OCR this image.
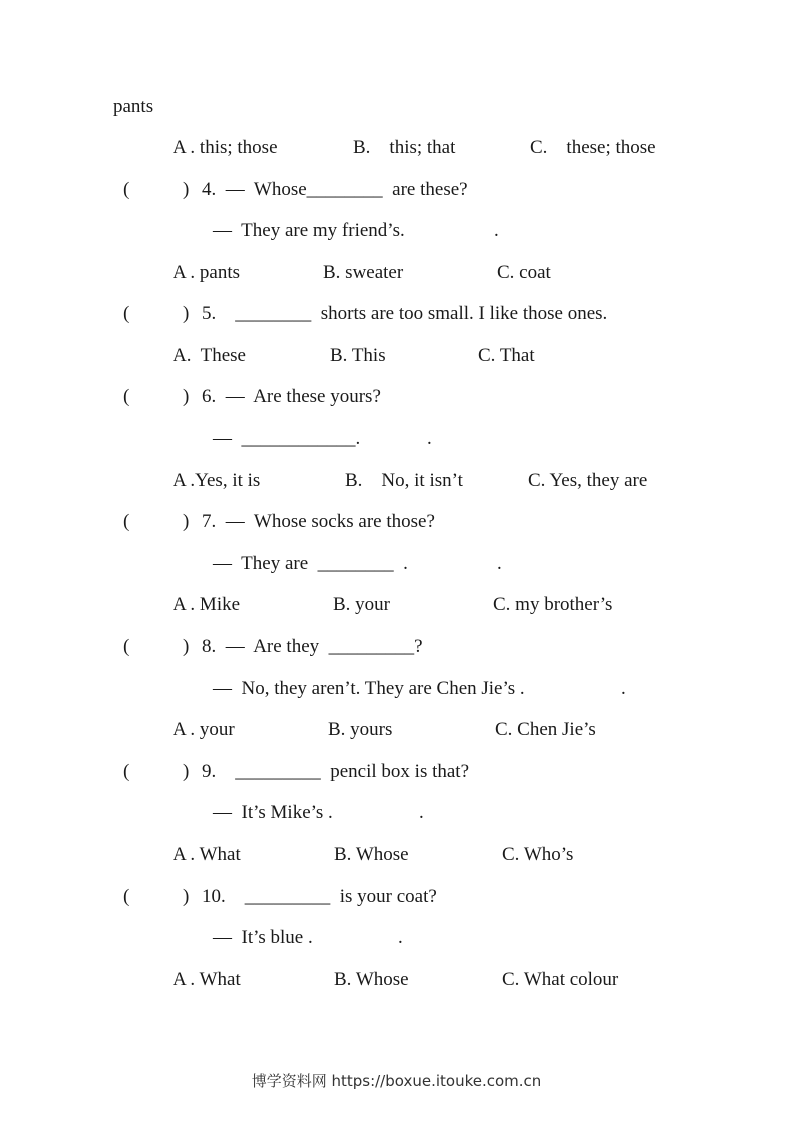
pants
A . this; those	B.    this; that	C.    these; those
(	) 4.  —  Whose________  are these?
—  They are my friend’s.	.
A . pants	B. sweater	C. coat
(	) 5.    ________  shorts are too small. I like those ones.
A.  These	B. This	C. That
(	) 6.  —  Are these yours?
—  ____________.	.
A .Yes, it is	B.    No, it isn’t	C. Yes, they are
(	) 7.  —  Whose socks are those?
—  They are  ________  .	.
A . Mike	B. your	C. my brother’s
(	) 8.  —  Are they  _________?
—  No, they aren’t. They are Chen Jie’s .	.
A . your	B. yours	C. Chen Jie’s
(	) 9.    _________  pencil box is that?
—  It’s Mike’s .	.
A . What	B. Whose	C. Who’s
(	) 10.    _________  is your coat?
—  It’s blue .	.
A . What	B. Whose	C. What colour
博学资料网 https://boxue.itouke.com.cn
